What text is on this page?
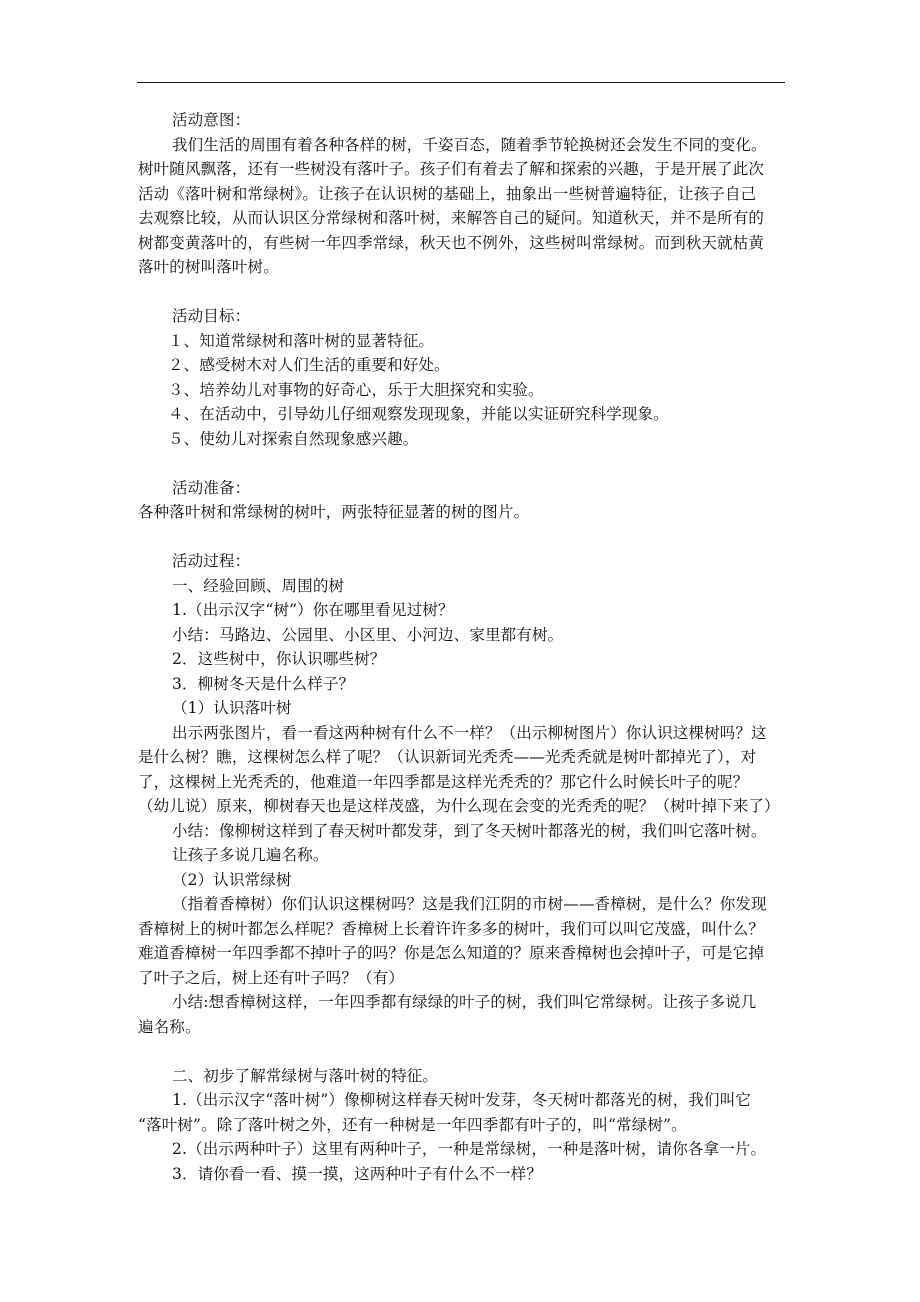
活动意图：
我们生活的周围有着各种各样的树，千姿百态，随着季节轮换树还会发生不同的变化。
树叶随风飘落，还有一些树没有落叶子。孩子们有着去了解和探索的兴趣，于是开展了此次
活动《落叶树和常绿树》。让孩子在认识树的基础上，抽象出一些树普遍特征，让孩子自己
去观察比较，从而认识区分常绿树和落叶树，来解答自己的疑问。知道秋天，并不是所有的
树都变黄落叶的，有些树一年四季常绿，秋天也不例外，这些树叫常绿树。而到秋天就枯黄
落叶的树叫落叶树。
活动目标：
１、知道常绿树和落叶树的显著特征。
２、感受树木对人们生活的重要和好处。
３、培养幼儿对事物的好奇心，乐于大胆探究和实验。
４、在活动中，引导幼儿仔细观察发现现象，并能以实证研究科学现象。
５、使幼儿对探索自然现象感兴趣。
活动准备：
各种落叶树和常绿树的树叶，两张特征显著的树的图片。
活动过程：
一、经验回顾、周围的树
1.（出示汉字“树”）你在哪里看见过树？
小结：马路边、公园里、小区里、小河边、家里都有树。
2．这些树中，你认识哪些树？
3．柳树冬天是什么样子？
（1）认识落叶树
出示两张图片，看一看这两种树有什么不一样？（出示柳树图片）你认识这棵树吗？这
是什么树？瞧，这棵树怎么样了呢？（认识新词光秃秃——光秃秃就是树叶都掉光了），对
了，这棵树上光秃秃的，他难道一年四季都是这样光秃秃的？那它什么时候长叶子的呢？
（幼儿说）原来，柳树春天也是这样茂盛，为什么现在会变的光秃秃的呢？（树叶掉下来了）
小结：像柳树这样到了春天树叶都发芽，到了冬天树叶都落光的树，我们叫它落叶树。
让孩子多说几遍名称。
（2）认识常绿树
（指着香樟树）你们认识这棵树吗？这是我们江阴的市树——香樟树，是什么？你发现
香樟树上的树叶都怎么样呢？香樟树上长着许许多多的树叶，我们可以叫它茂盛，叫什么？
难道香樟树一年四季都不掉叶子的吗？你是怎么知道的？原来香樟树也会掉叶子，可是它掉
了叶子之后，树上还有叶子吗？（有）
小结:想香樟树这样，一年四季都有绿绿的叶子的树，我们叫它常绿树。让孩子多说几
遍名称。
二、初步了解常绿树与落叶树的特征。
1.（出示汉字“落叶树”）像柳树这样春天树叶发芽，冬天树叶都落光的树，我们叫它
“落叶树”。除了落叶树之外，还有一种树是一年四季都有叶子的，叫“常绿树”。
2.（出示两种叶子）这里有两种叶子，一种是常绿树，一种是落叶树，请你各拿一片。
3．请你看一看、摸一摸，这两种叶子有什么不一样？
